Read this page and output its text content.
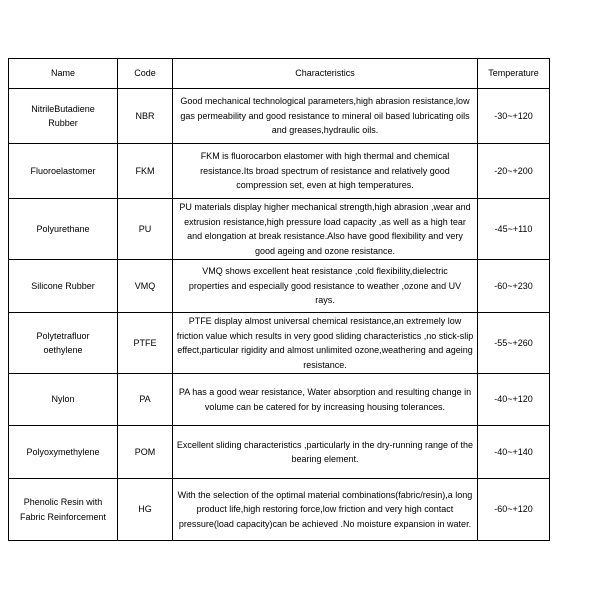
Name	Code	Characteristics	Temperature
NitrileButadiene Rubber	NBR	Good mechanical technological parameters,high abrasion resistance,low gas permeability and good resistance to mineral oil based lubricating oils and greases,hydraulic oils.	-30~+120
Fluoroelastomer	FKM	FKM is fluorocarbon elastomer with high thermal and chemical resistance.Its broad spectrum of resistance and relatively good compression set, even at high temperatures.	-20~+200
Polyurethane	PU	PU materials display higher mechanical strength,high abrasion ,wear and extrusion resistance,high pressure load capacity ,as well as a high tear and elongation at break resistance.Also have good flexibility and very good ageing and ozone resistance.	-45~+110
Silicone Rubber	VMQ	VMQ shows excellent heat resistance ,cold flexibility,dielectric properties and especially good resistance to weather ,ozone and UV rays.	-60~+230
Polytetrafluor oethylene	PTFE	PTFE display almost universal chemical resistance,an extremely low friction value which results in very good sliding characteristics ,no stick-slip effect,particular rigidity and almost unlimited ozone,weathering and ageing resistance.	-55~+260
Nylon	PA	PA has a good wear resistance, Water absorption and resulting change in volume can be catered for by increasing housing tolerances.	-40~+120
Polyoxymethylene	POM	Excellent sliding characteristics ,particularly in the dry-running range of the bearing element.	-40~+140
Phenolic Resin with Fabric Reinforcement	HG	With the selection of the optimal material combinations(fabric/resin),a long product life,high restoring force,low friction and very high contact pressure(load capacity)can be achieved .No moisture expansion in water.	-60~+120
